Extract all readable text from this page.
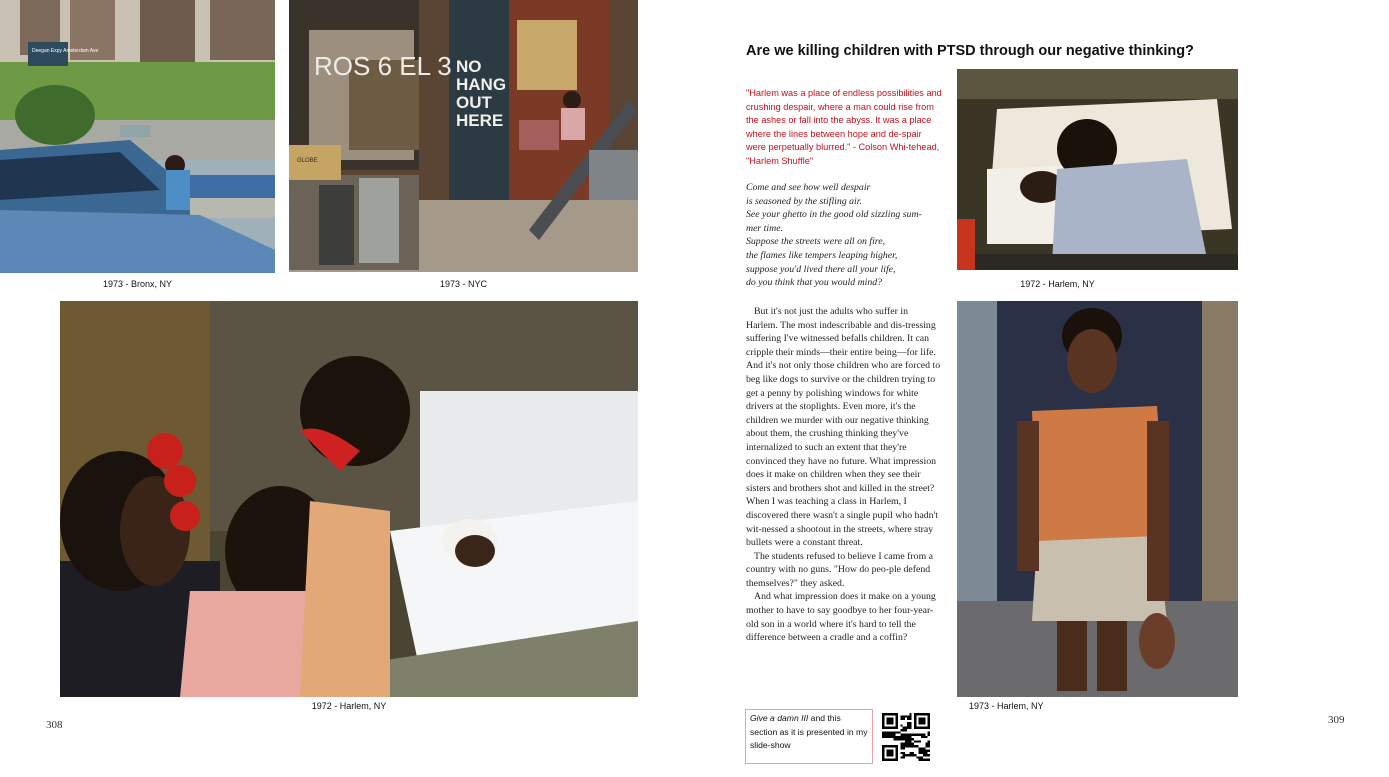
Deegan Expy Amsterdam Ave	ROS 6 EL 3 NO
HANG
OUT
HERE
GLOBE
1973 - Bronx, NY	1973 - NYC
1972 - Harlem, NY
308
Are we killing children with PTSD through our negative thinking?
"Harlem was a place of endless possibilities and crushing despair, where a man could rise from the ashes or fall into the abyss. It was a place where the lines between hope and de-spair were perpetually blurred." - Colson Whi-tehead, "Harlem Shuffle"
Come and see how well despair
is seasoned by the stifling air.
See your ghetto in the good old sizzling sum-
mer time.
Suppose the streets were all on fire,
the flames like tempers leaping higher,
suppose you'd lived there all your life,
do you think that you would mind?

But it's not just the adults who suffer in Harlem. The most indescribable and dis-tressing suffering I've witnessed befalls children. It can cripple their minds—their entire being—for life. And it's not only those children who are forced to beg like dogs to survive or the children trying to get a penny by polishing windows for white drivers at the stoplights. Even more, it's the children we murder with our negative thinking about them, the crushing thinking they've internalized to such an extent that they're convinced they have no future. What impression does it make on children when they see their sisters and brothers shot and killed in the street? When I was teaching a class in Harlem, I discovered there wasn't a single pupil who hadn't wit-nessed a shootout in the streets, where stray bullets were a constant threat.

The students refused to believe I came from a country with no guns. "How do peo-ple defend themselves?" they asked.

And what impression does it make on a young mother to have to say goodbye to her four-year-old son in a world where it's hard to tell the difference between a cradle and a coffin?

1972 - Harlem, NY
1973 - Harlem, NY
Give a damn III and this section as it is presented in my slide-show
309
